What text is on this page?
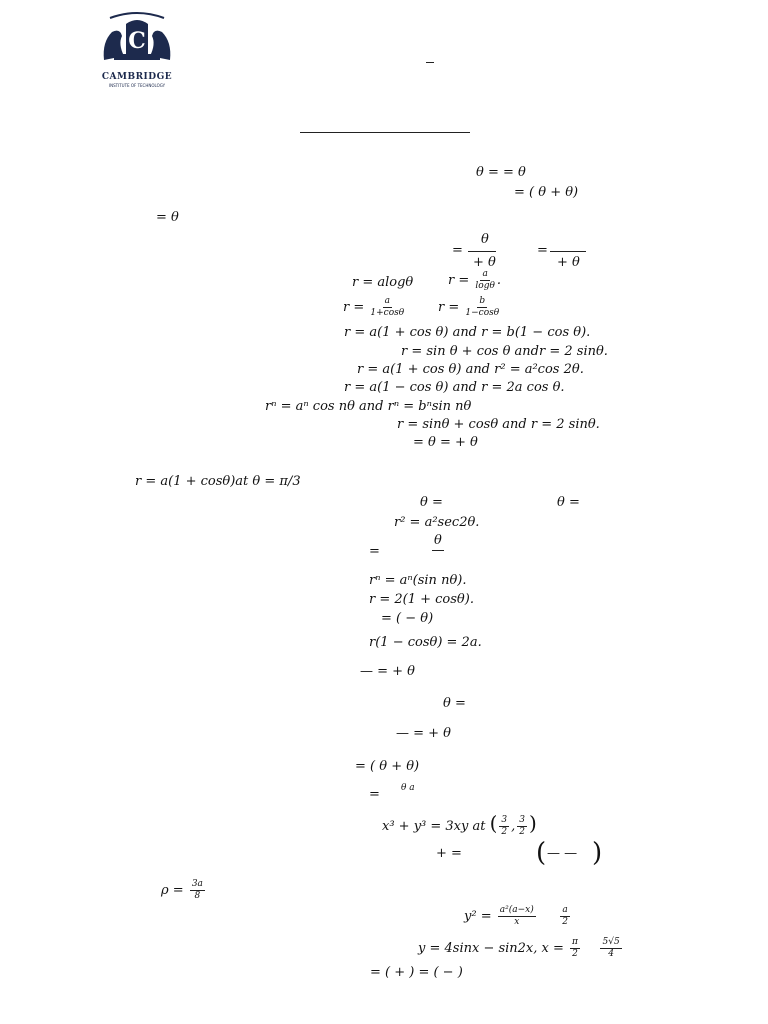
C
CAMBRIDGE
INSTITUTE OF TECHNOLOGY
θ = = θ
= ( θ + θ)
= θ
θ
=
+ θ
=
+ θ
r = alogθ	$r = \frac{a}{\log\theta}$ .
$r = \frac{a}{1+\cos\theta}$	$r = \frac{b}{1-\cos\theta}$
r = a(1 + cos θ) and r = b(1 − cos θ).
r = sin θ + cos θ andr = 2 sinθ.
r = a(1 + cos θ) and r² = a²cos 2θ.
r = a(1 − cos θ) and r = 2a cos θ.
rⁿ = aⁿ cos nθ and rⁿ = bⁿsin nθ
r = sinθ + cosθ and r = 2 sinθ.
= θ = + θ
r = a(1 + cosθ)at θ = π/3
θ =	θ =
r² = a²sec2θ.
θ
=
rⁿ = aⁿ(sin nθ).
r = 2(1 + cosθ).
= ( − θ)
r(1 − cosθ) = 2a.
— = + θ
θ =
— = + θ
= ( θ + θ)
= θ a
x³ + y³ = 3xy at ( $\frac{3}{2}$ , $\frac{3}{2}$ )
+ =	( — — )
$\rho = \frac{3a}{8}$
$y^2 = \frac{\text{a²(a−x)}}{x}$
	$\frac{a}{2}$
y = 4sinx − sin2x, $x = \frac{\pi}{2}$
$\frac{5√5}{4}$
= ( + ) = ( − )
